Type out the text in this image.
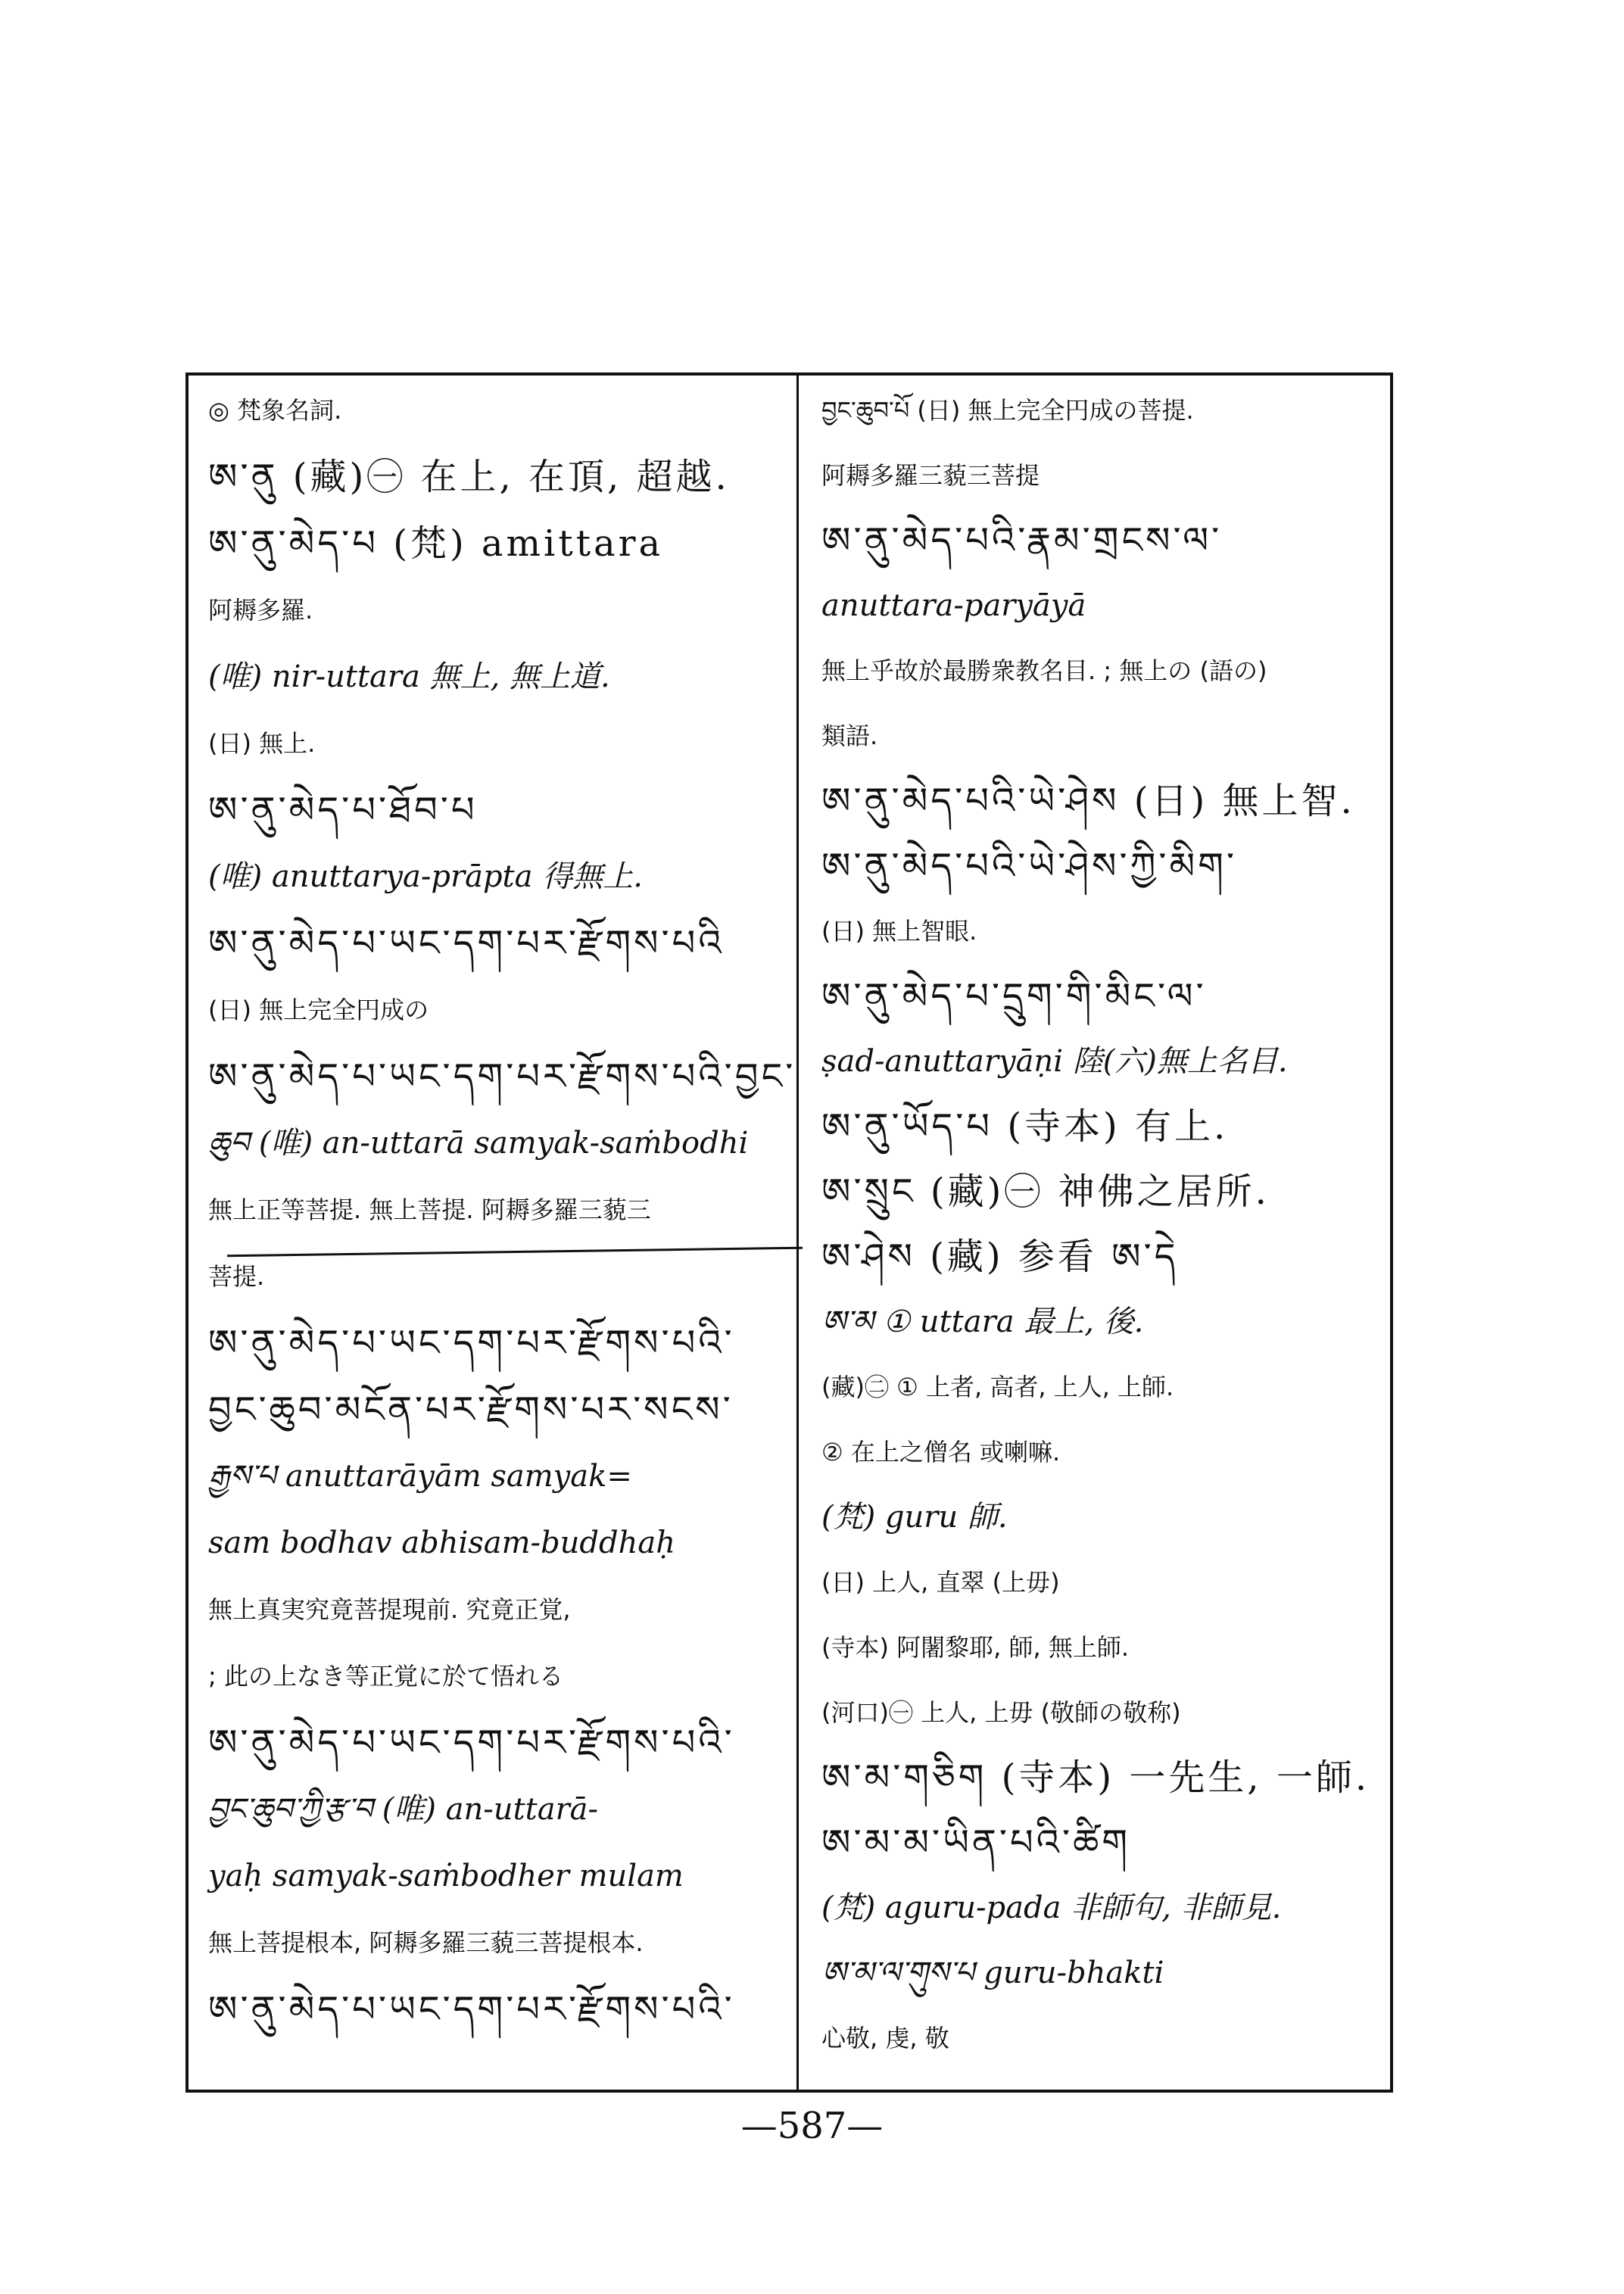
◎ 梵象名詞.
ཨ་ནུ (藏)㊀ 在上, 在頂, 超越.
ཨ་ནུ་མེད་པ (梵) amittara
阿耨多羅.
(唯) nir-uttara 無上, 無上道.
(日) 無上.
ཨ་ནུ་མེད་པ་ཐོབ་པ
(唯) anuttarya-prāpta 得無上.
ཨ་ནུ་མེད་པ་ཡང་དག་པར་རྫོགས་པའི
(日) 無上完全円成の
ཨ་ནུ་མེད་པ་ཡང་དག་པར་རྫོགས་པའི་བྱང་
ཆུབ (唯) an-uttarā samyak-saṁbodhi
無上正等菩提. 無上菩提. 阿耨多羅三藐三
菩提.
ཨ་ནུ་མེད་པ་ཡང་དག་པར་རྫོགས་པའི་
བྱང་ཆུབ་མངོན་པར་རྫོགས་པར་སངས་
རྒྱས་པ anuttarāyām samyak=
sam bodhav abhisam-buddhaḥ
無上真実究竟菩提現前. 究竟正覚,
; 此の上なき等正覚に於て悟れる
ཨ་ནུ་མེད་པ་ཡང་དག་པར་རྫོགས་པའི་
བྱང་ཆུབ་ཀྱི་རྩ་བ (唯) an-uttarā-
yaḥ samyak-saṁbodher mulam
無上菩提根本, 阿耨多羅三藐三菩提根本.
ཨ་ནུ་མེད་པ་ཡང་དག་པར་རྫོགས་པའི་
བྱང་ཆུབ་པོ (日) 無上完全円成の菩提.
阿耨多羅三藐三菩提
ཨ་ནུ་མེད་པའི་རྣམ་གྲངས་ལ་
anuttara-paryāyā
無上乎故於最勝衆教名目. ; 無上の (語の)
類語.
ཨ་ནུ་མེད་པའི་ཡེ་ཤེས (日) 無上智.
ཨ་ནུ་མེད་པའི་ཡེ་ཤེས་ཀྱི་མིག་
(日) 無上智眼.
ཨ་ནུ་མེད་པ་དྲུག་གི་མིང་ལ་
ṣad-anuttaryāṇi 陸(六)無上名目.
ཨ་ནུ་ཡོད་པ (寺本) 有上.
ཨ་སྲུང (藏)㊀ 神佛之居所.
ཨ་ཤེས (藏) 参看 ཨ་དེ
ཨ་མ ① uttara 最上, 後.
(藏)㊁ ① 上者, 高者, 上人, 上師.
② 在上之僧名 或喇嘛.
(梵) guru 師.
(日) 上人, 直翠 (上毋)
(寺本) 阿闍黎耶, 師, 無上師.
(河口)㊀ 上人, 上毋 (敬師の敬称)
ཨ་མ་གཅིག (寺本) 一先生, 一師.
ཨ་མ་མ་ཡིན་པའི་ཚིག
(梵) aguru-pada 非師句, 非師見.
ཨ་མ་ལ་གུས་པ guru-bhakti
心敬, 虔, 敬
—587—
